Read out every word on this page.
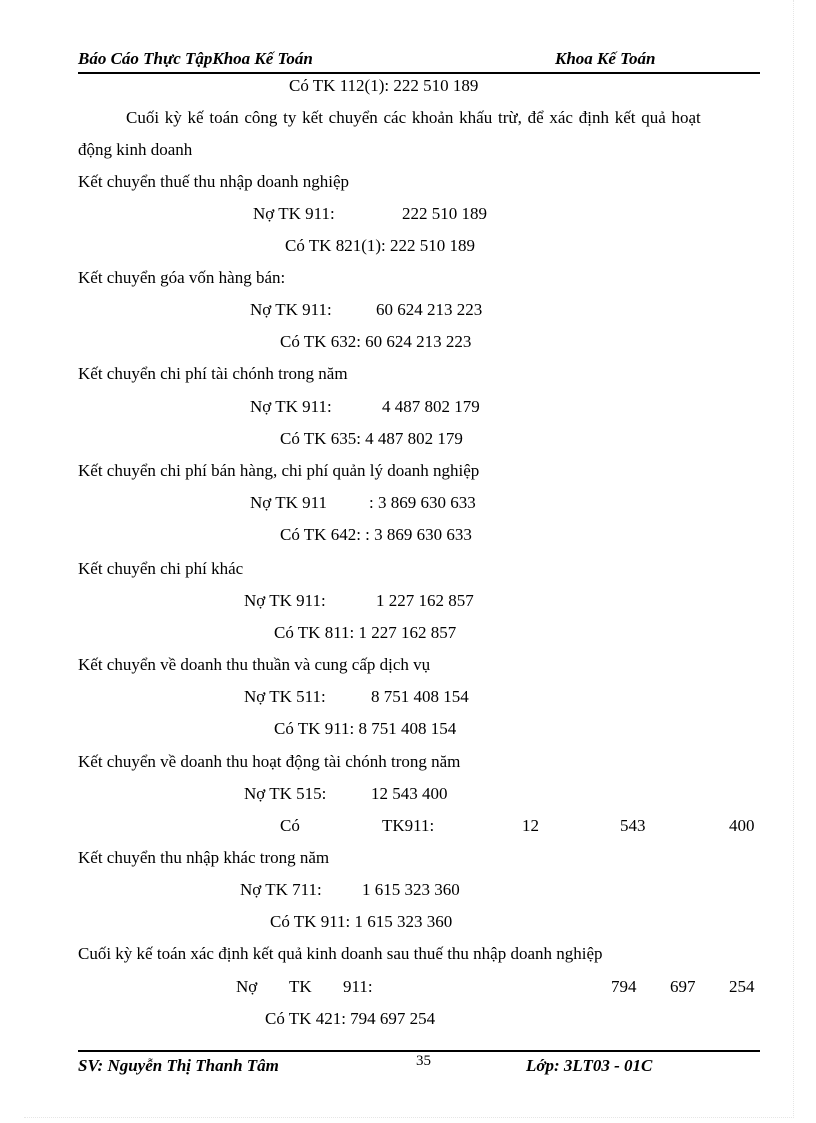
Báo Cáo Thực TậpKhoa Kế Toán	Khoa Kế Toán
Có TK 112(1): 222 510 189
Cuối kỳ kế toán công ty kết chuyển các khoản khấu trừ, để xác định kết quả hoạt
động kinh doanh
Kết chuyển thuế thu nhập doanh nghiệp
Nợ TK 911:	222 510 189
Có TK 821(1): 222 510 189
Kết chuyển góa vốn hàng bán:
Nợ TK 911:	60 624 213 223
Có TK 632: 60 624 213 223
Kết chuyển chi phí tài chónh trong năm
Nợ TK 911:	4 487 802 179
Có TK 635: 4 487 802 179
Kết chuyển chi phí bán hàng, chi phí quản lý doanh nghiệp
Nợ TK 911 : 3 869 630 633
Có TK 642: : 3 869 630 633
Kết chuyển chi phí khác
Nợ TK 911:	1 227 162 857
Có TK 811: 1 227 162 857
Kết chuyển về doanh thu thuần và cung cấp dịch vụ
Nợ TK 511:	8 751 408 154
Có TK 911: 8 751 408 154
Kết chuyển về doanh thu hoạt động tài chónh trong năm
Nợ TK 515:	12 543 400
Có	TK911:	12	543	400
Kết chuyển thu nhập khác trong năm
Nợ TK 711: 1 615 323 360
Có TK 911: 1 615 323 360
Cuối kỳ kế toán xác định kết quả kinh doanh sau thuế thu nhập doanh nghiệp
Nợ TK 911:	794 697 254
Có TK 421: 794 697 254
SV: Nguyễn Thị Thanh Tâm	35	Lớp: 3LT03 - 01C
